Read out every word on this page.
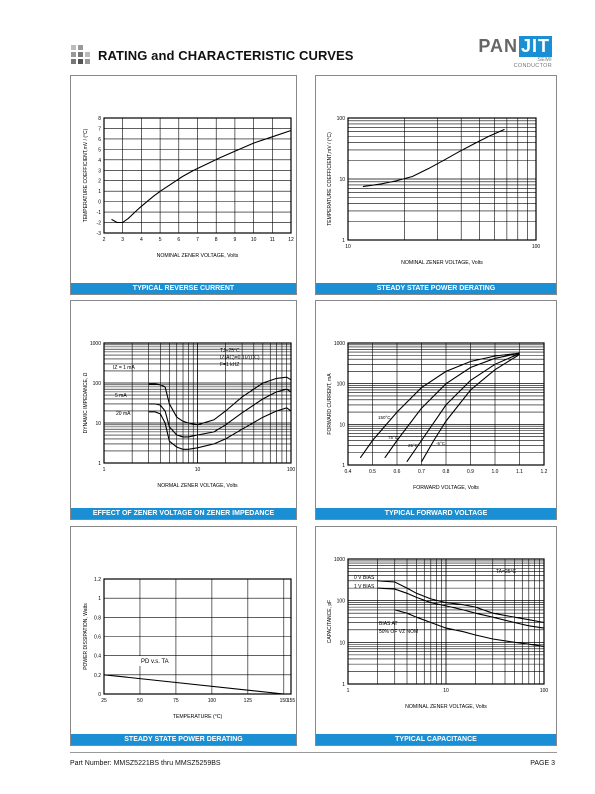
RATING and CHARACTERISTIC CURVES	PAN JIT
SEMI
CONDUCTOR
2	3	4	5	6	7	8	9	10	11	12
-3
-2
-1
0
1
2
3
4
5
6
7
8
NOMINAL ZENER VOLTAGE, Volts
TEMPERATURE COEFFICIENT,mV / (°C)
TYPICAL REVERSE CURRENT
10	100
1
10
100
NOMINAL ZENER VOLTAGE, Volts
TEMPERATURE COEFFICIENT,mV / (°C)
STEADY STATE POWER DERATING
1	10	100
1
10
100
1000
NORMAL ZENER VOLTAGE, Volts
DYNAMIC IMPEDANCE, Ω
TJ=25°C
IZ(AC)=0.1IZ(DC)
F=1 kHZ
IZ = 1 mA
5 mA
20 mA
EFFECT OF ZENER VOLTAGE ON ZENER IMPEDANCE
0.4	0.5	0.6	0.7	0.8	0.9	1.0	1.1	1.2
1
10
100
1000
FORWARD VOLTAGE, Volts
FORWARD CURRENT, mA	150°C
75°C
25°C	-5°C
TYPICAL FORWARD VOLTAGE
25	50	75	100	125	150
155
0
0.2
0.4
0.6
0.8
1
1.2
TEMPERATURE (°C)
POWER DISSIPATION, Watts	PD v.s. TA
STEADY STATE POWER DERATING
1	10	100
1
10
100
1000
NOMINAL ZENER VOLTAGE, Volts
CAPACITANCE, pF
TA=25°C
0 V BIAS
1 V BIAS
BIAS AT
50% OF VZ NOM
TYPICAL CAPACITANCE
Part Number: MMSZ5221BS thru MMSZ5259BS	PAGE 3
